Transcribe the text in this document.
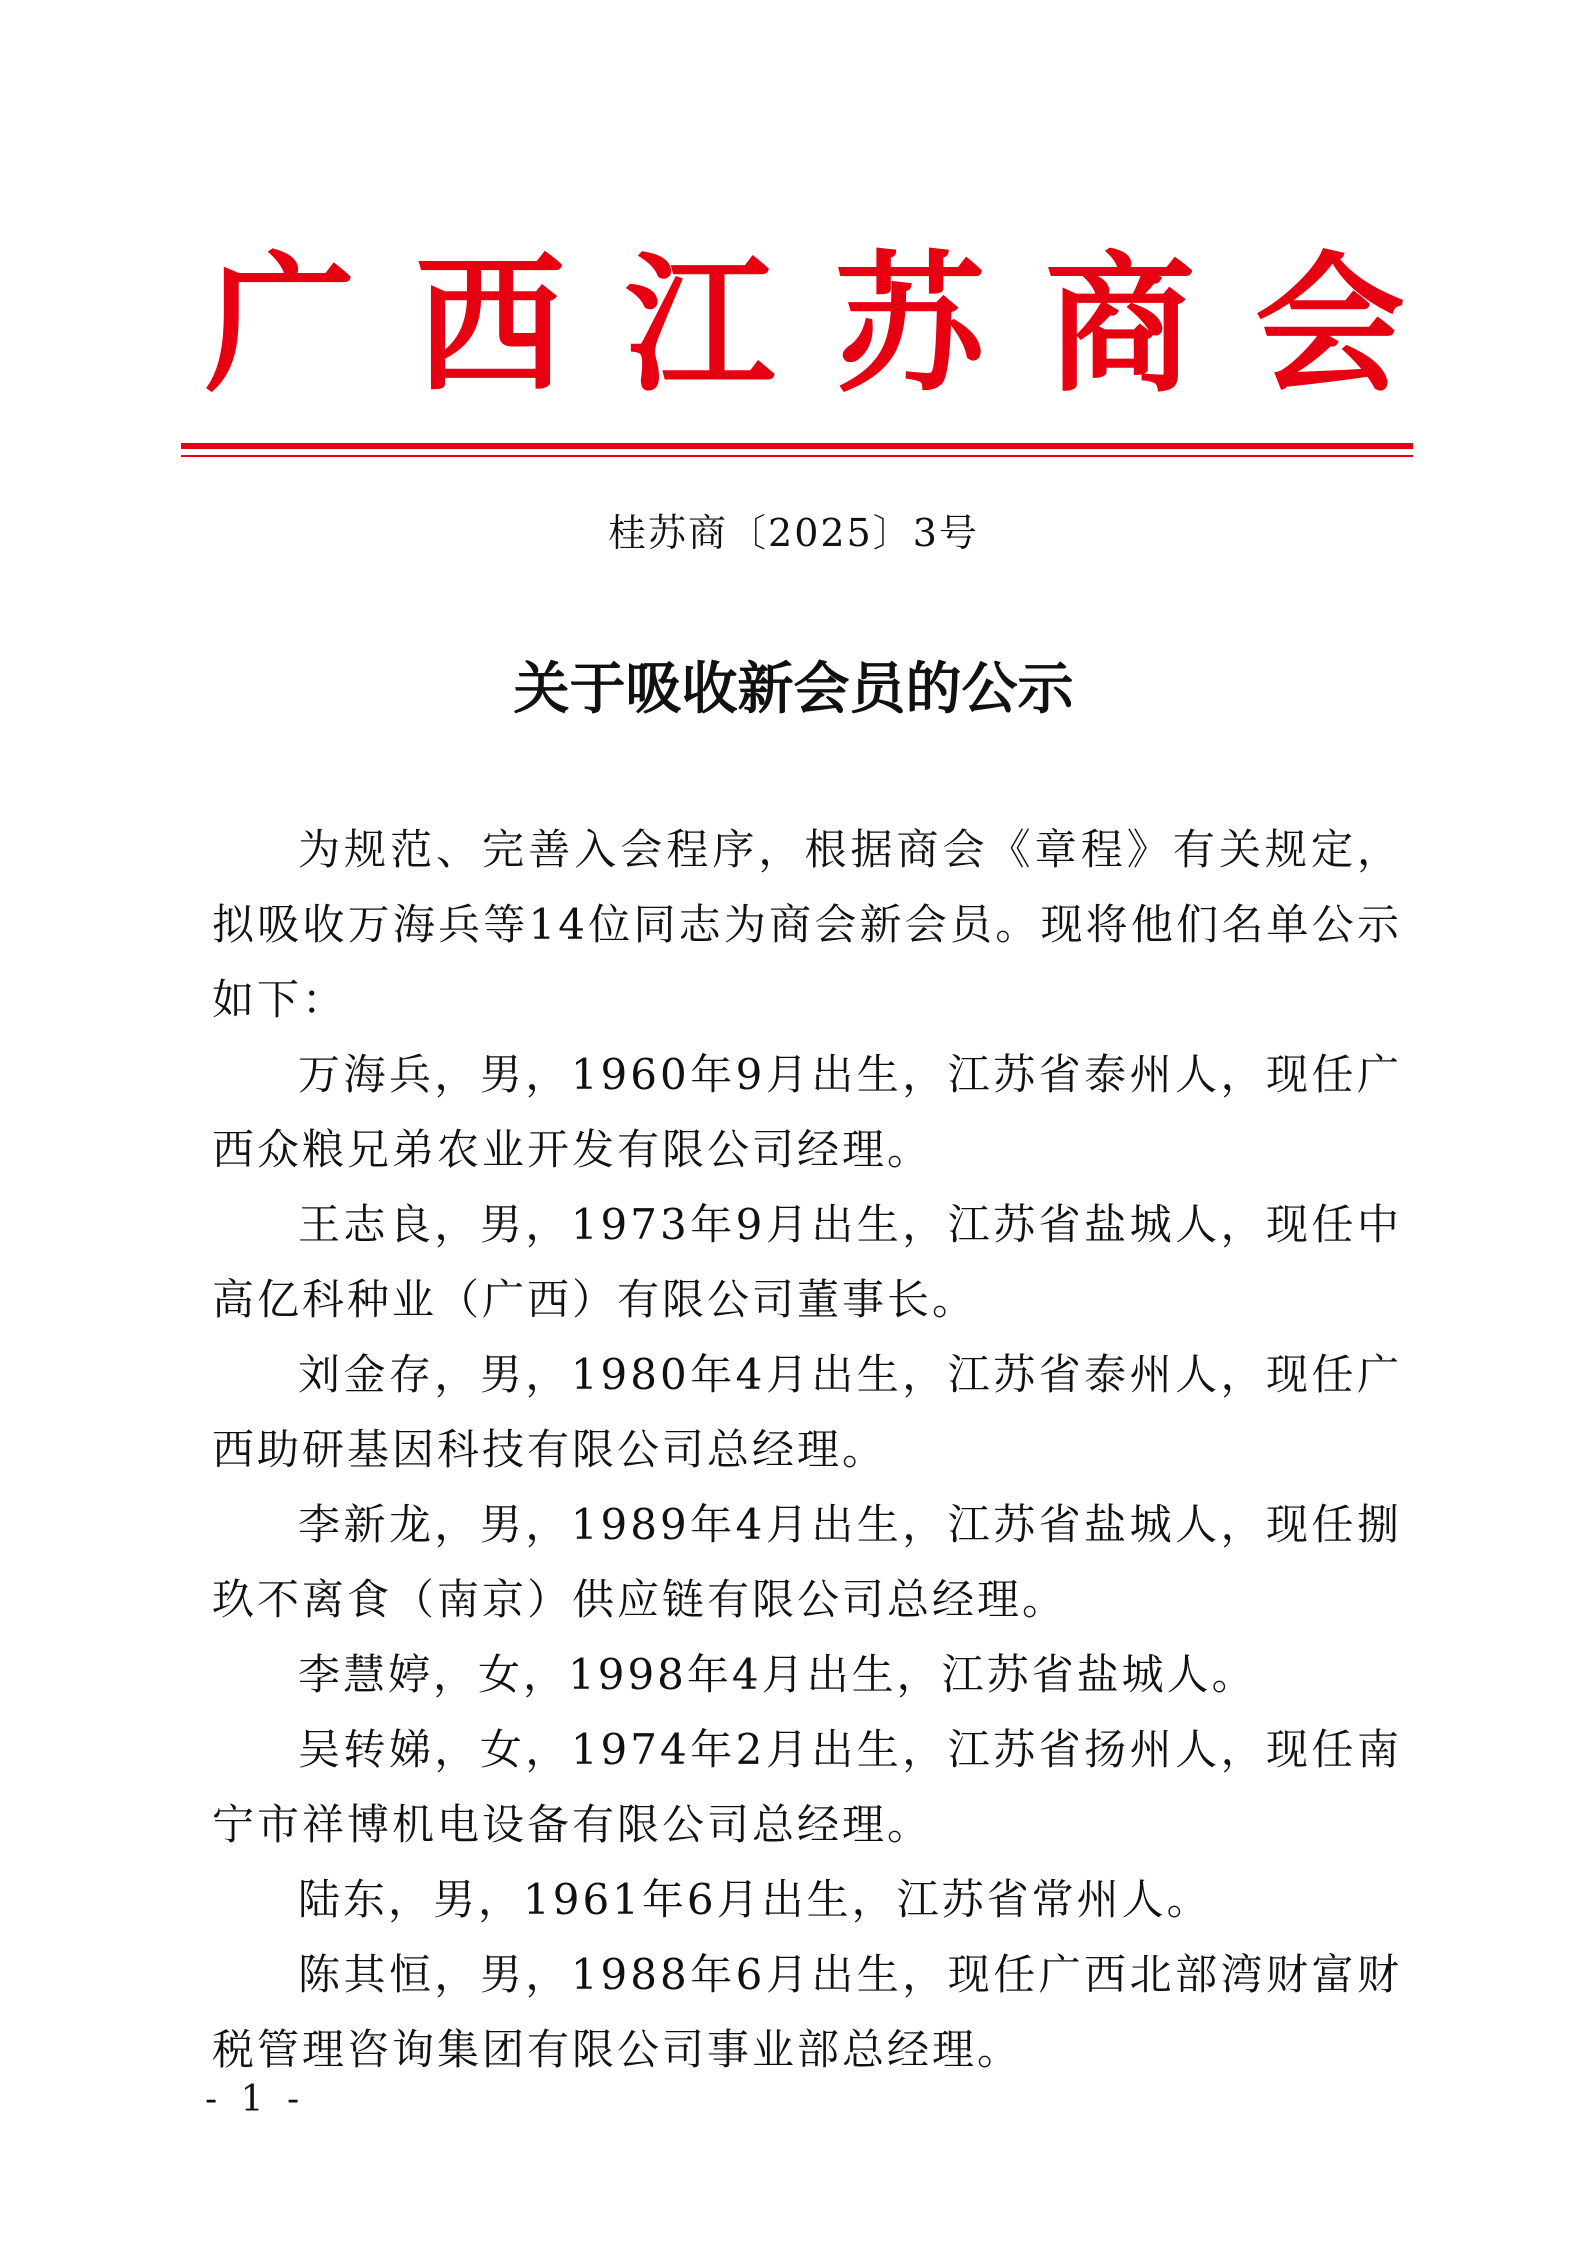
广 西 江 苏 商 会
桂苏商〔2025〕3号
关于吸收新会员的公示

为规范、完善入会程序，根据商会《章程》有关规定，拟吸收万海兵等14位同志为商会新会员。现将他们名单公示如下：

万海兵，男，1960年9月出生，江苏省泰州人，现任广西众粮兄弟农业开发有限公司经理。

王志良，男，1973年9月出生，江苏省盐城人，现任中高亿科种业（广西）有限公司董事长。

刘金存，男，1980年4月出生，江苏省泰州人，现任广西助研基因科技有限公司总经理。

李新龙，男，1989年4月出生，江苏省盐城人，现任捌玖不离食（南京）供应链有限公司总经理。

李慧婷，女，1998年4月出生，江苏省盐城人。

吴转娣，女，1974年2月出生，江苏省扬州人，现任南宁市祥博机电设备有限公司总经理。

陆东，男，1961年6月出生，江苏省常州人。

陈其恒，男，1988年6月出生，现任广西北部湾财富财税管理咨询集团有限公司事业部总经理。

- 1 -
